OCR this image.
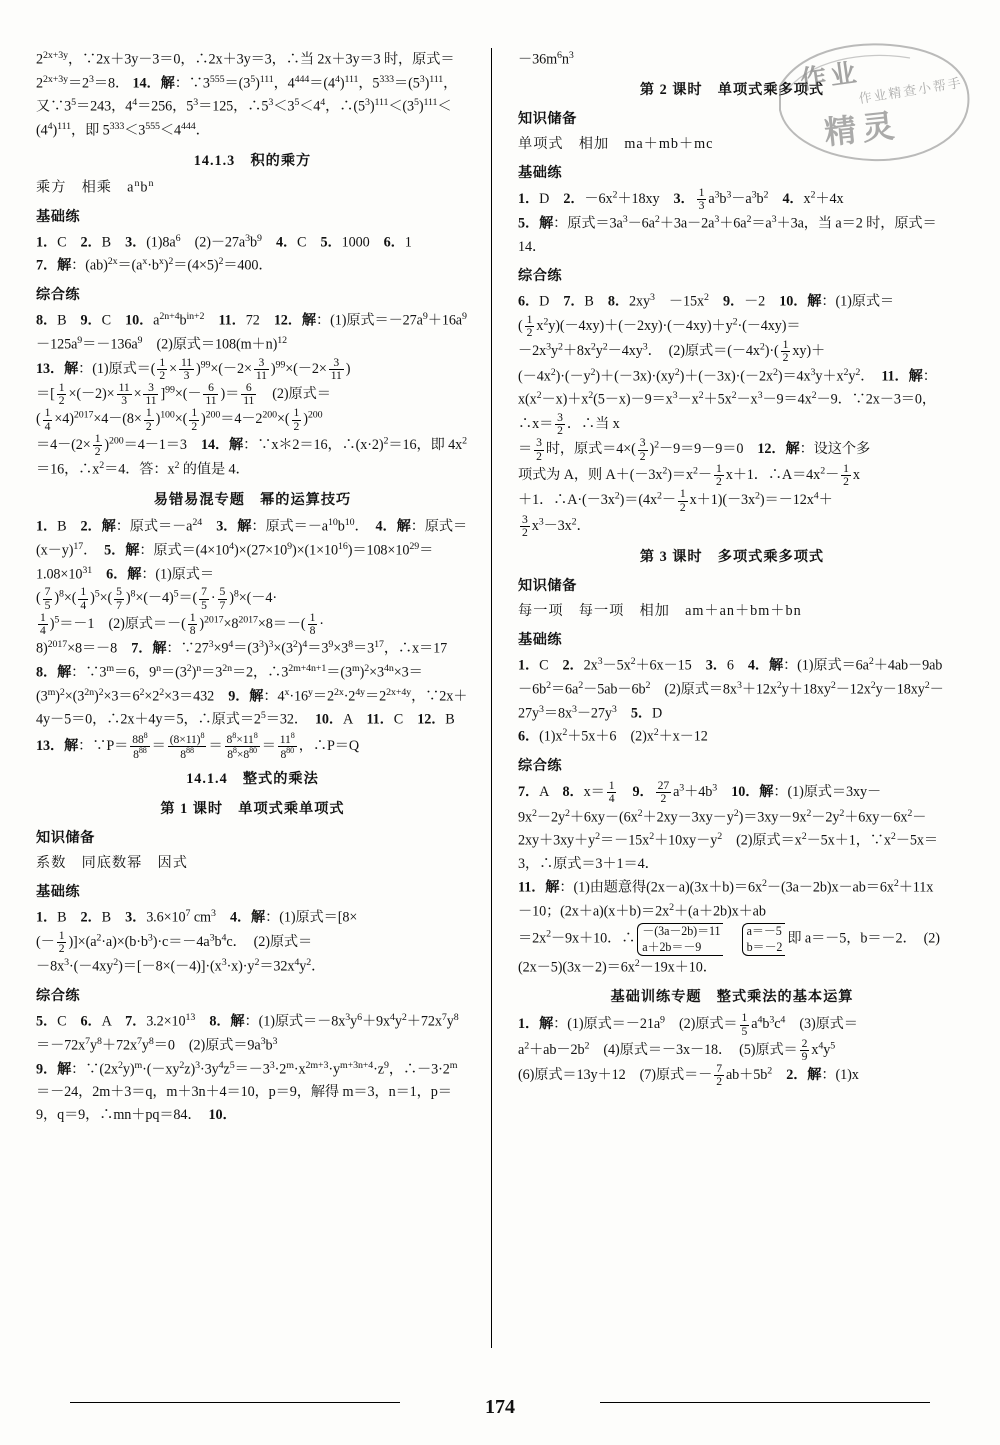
作业
作业精查小帮手
精灵
$2^{2x+3y}$，∵2x＋3y－3＝0，∴2x＋3y＝3，∴当 2x＋3y＝3 时，原式$=2^{2x+3y}=2^3=8$． 14．解：$\because 3^{555}=(3^5)^{111}$，$4^{444}=(4^4)^{111}$，$5^{333}=(5^3)^{111}$，又$\because 3^5=243$，$4^4=256$，$5^3=125$，$\therefore 5^3<3^5<4^4$，$\therefore(5^3)^{111}<(3^5)^{111}<(4^4)^{111}$，即 $5^{333}<3^{555}<4^{444}$．
14.1.3　积的乘方
乘方　相乘　$a^nb^n$
基础练
1．C　2．B　3．$(1)8a^6$　$(2)-27a^3b^9$　 4．C　5．1000　6．1
7．解：$(ab)^{2x}=(a^x\cdot b^x)^2=(4\times 5)^2=400$．
综合练
8．B　9．C　10．$a^{2n+4}b^{in+2}$　 11．72　12．解：(1)原式$=-27a^9+16a^9-125a^9=-136a^9$　(2)原式$=108(m+n)^{12}$
13．解：(1)原式＝( $\frac{1}{2} \times \frac{11}{3} )^{99}\times(-2\times \frac{3}{11} )^{99}\times(-2\times \frac{3}{11}$ )
＝[ $\frac{1}{2} \times(-2)\times \frac{11}{3} \times \frac{3}{11} ]^{99}\times(- \frac{6}{11}$ )＝ $\frac{6}{11}$ 　(2)原式＝
( $\frac{1}{4} \times 4)^{2017}\times 4-(8\times \frac{1}{2} )^{100}\times( \frac{1}{2} )^{200}=4-2^{200}\times( \frac{1}{2} )^{200}$
$=4-(2\times \frac{1}{2} )^{200}=4-1=3$　14．解：∵x＊2＝16，$\therefore(x\cdot 2)^2=16$，即 $4x^2=16$，$\therefore x^2=4$．答：$x^2$ 的值是 4．
易错易混专题　幂的运算技巧
1．B　2．解：原式$=-a^{24}$　 3．解：原式$=-a^{10}b^{10}$．　4．解：原式$=(x-y)^{17}$．　5．解：原式$=(4\times 10^4)\times(27\times 10^9)\times(1\times 10^{16})=108\times 10^{29}=1.08\times 10^{31}$　 6．解：(1)原式＝
( $\frac{7}{5} )^8\times( \frac{1}{4} )^5\times( \frac{5}{7} )^8\times(-4)^5=( \frac{7}{5} \cdot \frac{5}{7} )^8\times(-4\cdot$
$\frac{1}{4} )^5=-1$　(2)原式＝－( $\frac{1}{8} )^{2017}\times 8^{2017}\times 8=-( \frac{1}{8}$ ·
8)$^{2017}$×8＝－8　7．解：$\because 27^3\times 9^4=(3^3)^3\times(3^2)^4=3^9\times 3^8=3^{17}$，∴x＝17　8．解：$\because 3^m=6$，$9^n=(3^2)^n=3^{2n}=2$，$\therefore 3^{2m+4n+1}=(3^m)^2\times 3^{4n}\times 3=(3^m)^2\times(3^{2n})^2\times 3=6^2\times 2^2\times 3=432$　9．解：$4^x\cdot 16^y=2^{2x}\cdot 2^{4y}=2^{2x+4y}$，∵2x＋4y－5＝0，∴2x＋4y＝5，∴原式$=2^5=32$．　10．A　11．C　12．B
13．解：∵P＝ $\frac{88^8}{8^{88}} = \frac{(8\times 11)^8}{8^{88}} = \frac{8^8\times 11^8}{8^8\times 8^{80}} = \frac{11^8}{8^{80}}$ ，∴P＝Q
14.1.4　整式的乘法
第 1 课时　单项式乘单项式
知识储备
系数　同底数幂　因式
基础练
1．B　2．B　3．$3.6\times 10^7$ $cm^3$　 4．解：(1)原式＝[8×
(－ $\frac{1}{2} )]\times(a^2\cdot a)\times(b\cdot b^3)\cdot c=-4a^3b^4c$．　(2)原式＝
$-8x^3\cdot(-4xy^2)=[-8\times(-4)]\cdot(x^3\cdot x)\cdot y^2=32x^4y^2$．
综合练
5．C　6．A　7．$3.2\times 10^{13}$　 8．解：(1)原式$=-8x^3y^6+9x^4y^2+72x^7y^8=-72x^7y^8+72x^7y^8=0$　(2)原式$=9a^3b^3$
9．解：$\because(2x^2y)^m\cdot(-xy^2z)^3\cdot 3y^4z^5=-3^3\cdot 2^m\cdot x^{2m+3}\cdot y^{m+3n+4}\cdot z^9$，$\therefore-3\cdot 2^m=-24$，2m＋3＝q，m＋3n＋4＝10，p＝9，解得 m＝3，n＝1，p＝9，q＝9，∴mn＋pq＝84．　10．
$-36m^6n^3$
第 2 课时　单项式乘多项式
知识储备
单项式　相加　ma＋mb＋mc
基础练
1．D　2．$-6x^2+18xy$　3． $\frac{1}{3} a^3b^3-a^3b^2$　 4．$x^2+4x$
5．解：原式$=3a^3-6a^2+3a-2a^3+6a^2=a^3+3a$，当 a＝2 时，原式＝14．
综合练
6．D　7．B　8．$2xy^3$　$-15x^2$　 9．－2　10．解：(1)原式＝
( $\frac{1}{2} x^2y)(-4xy)+(-2xy)\cdot(-4xy)+y^2\cdot(-4xy)=$
$-2x^3y^2+8x^2y^2-4xy^3$．　(2)原式$=(-4x^2)\cdot( \frac{1}{2} xy)+$
$(-4x^2)\cdot(-y^2)+(-3x)\cdot(xy^2)+(-3x)\cdot(-2x^2)=4x^3y+x^2y^2$．　11．解：$x(x^2-x)+x^2(5-x)-9=x^3-x^2+5x^2-x^3-9=4x^2-9$．∵2x－3＝0，∴x＝ $\frac{3}{2}$ ．∴当 x
＝ $\frac{3}{2}$ 时，原式$=4\times( \frac{3}{2} )^2-9=9-9=0$　12．解：设这个多
项式为 A，则 $A+(-3x^2)=x^2- \frac{1}{2} x+1$．$\therefore A=4x^2- \frac{1}{2}$ x
＋1．$\therefore A\cdot(-3x^2)=(4x^2- \frac{1}{2} x+1)(-3x^2)=-12x^4+$
$\frac{3}{2} x^3-3x^2$．
第 3 课时　多项式乘多项式
知识储备
每一项　每一项　相加　am＋an＋bm＋bn
基础练
1．C　2．$2x^3-5x^2+6x-15$　3．6　4．解：(1)原式$=6a^2+4ab-9ab-6b^2=6a^2-5ab-6b^2$　(2)原式$=8x^3+12x^2y+18xy^2-12x^2y-18xy^2-27y^3=8x^3-27y^3$　 5．D
6．$(1)x^2+5x+6$　$(2)x^2+x-12$
综合练
7．A　8．$x= \frac{1}{4}$
　 9． $\frac{27}{2} a^3+4b^3$　 10．解：(1)原式＝3xy－
$9x^2-2y^2+6xy-(6x^2+2xy-3xy-y^2)=3xy-9x^2-2y^2+6xy-6x^2-2xy+3xy+y^2=-15x^2+10xy-y^2$　(2)原式$=x^2-5x+1$，$\because x^2-5x=3$，∴原式＝3＋1＝4．
11．解：(1)由题意得$(2x-a)(3x+b)=6x^2-(3a-2b)x-ab=6x^2+11x-10$；$(2x+a)(x+b)=2x^2+(a+2b)x+ab$
$=2x^2-9x+10$．∴ －(3a－2b)＝11
a＋2b＝－9

a＝－5
b＝－2 即 a＝－5，b＝－2．　$(2)(2x-5)(3x-2)=6x^2-19x+10$．
基础训练专题　整式乘法的基本运算
1．解：(1)原式$=-21a^9$　(2)原式＝ $\frac{1}{5} a^4b^3c^4$　(3)原式＝
$a^2+ab-2b^2$　(4)原式＝－3x－18．　(5)原式＝ $\frac{2}{9} x^4y^5$
(6)原式＝13y＋12　(7)原式＝－ $\frac{7}{2} ab+5b^2$　 2．解：(1)x
174
